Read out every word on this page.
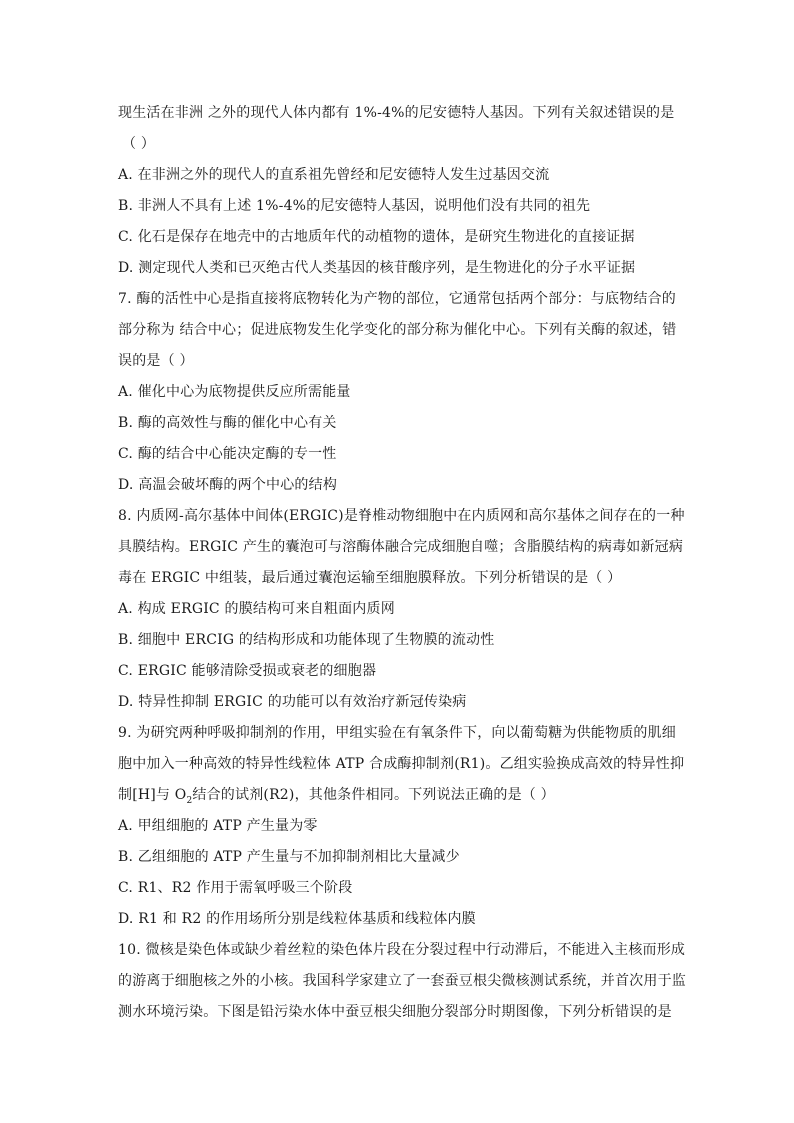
现生活在非洲 之外的现代人体内都有 1%-4%的尼安德特人基因。下列有关叙述错误的是
（ ）
A. 在非洲之外的现代人的直系祖先曾经和尼安德特人发生过基因交流
B. 非洲人不具有上述 1%-4%的尼安德特人基因，说明他们没有共同的祖先
C. 化石是保存在地壳中的古地质年代的动植物的遗体，是研究生物进化的直接证据
D. 测定现代人类和已灭绝古代人类基因的核苷酸序列，是生物进化的分子水平证据
7. 酶的活性中心是指直接将底物转化为产物的部位，它通常包括两个部分：与底物结合的
部分称为 结合中心；促进底物发生化学变化的部分称为催化中心。下列有关酶的叙述，错
误的是（ ）
A. 催化中心为底物提供反应所需能量
B. 酶的高效性与酶的催化中心有关
C. 酶的结合中心能决定酶的专一性
D. 高温会破坏酶的两个中心的结构
8. 内质网-高尔基体中间体(ERGIC)是脊椎动物细胞中在内质网和高尔基体之间存在的一种
具膜结构。ERGIC 产生的囊泡可与溶酶体融合完成细胞自噬；含脂膜结构的病毒如新冠病
毒在 ERGIC 中组装，最后通过囊泡运输至细胞膜释放。下列分析错误的是（ ）
A. 构成 ERGIC 的膜结构可来自粗面内质网
B. 细胞中 ERCIG 的结构形成和功能体现了生物膜的流动性
C. ERGIC 能够清除受损或衰老的细胞器
D. 特异性抑制 ERGIC 的功能可以有效治疗新冠传染病
9. 为研究两种呼吸抑制剂的作用，甲组实验在有氧条件下，向以葡萄糖为供能物质的肌细
胞中加入一种高效的特异性线粒体 ATP 合成酶抑制剂(R1)。乙组实验换成高效的特异性抑
制[H]与 $O_2$结合的试剂(R2)，其他条件相同。下列说法正确的是（ ）
A. 甲组细胞的 ATP 产生量为零
B. 乙组细胞的 ATP 产生量与不加抑制剂相比大量减少
C. R1、R2 作用于需氧呼吸三个阶段
D. R1 和 R2 的作用场所分别是线粒体基质和线粒体内膜
10. 微核是染色体或缺少着丝粒的染色体片段在分裂过程中行动滞后，不能进入主核而形成
的游离于细胞核之外的小核。我国科学家建立了一套蚕豆根尖微核测试系统，并首次用于监
测水环境污染。下图是铅污染水体中蚕豆根尖细胞分裂部分时期图像，下列分析错误的是
